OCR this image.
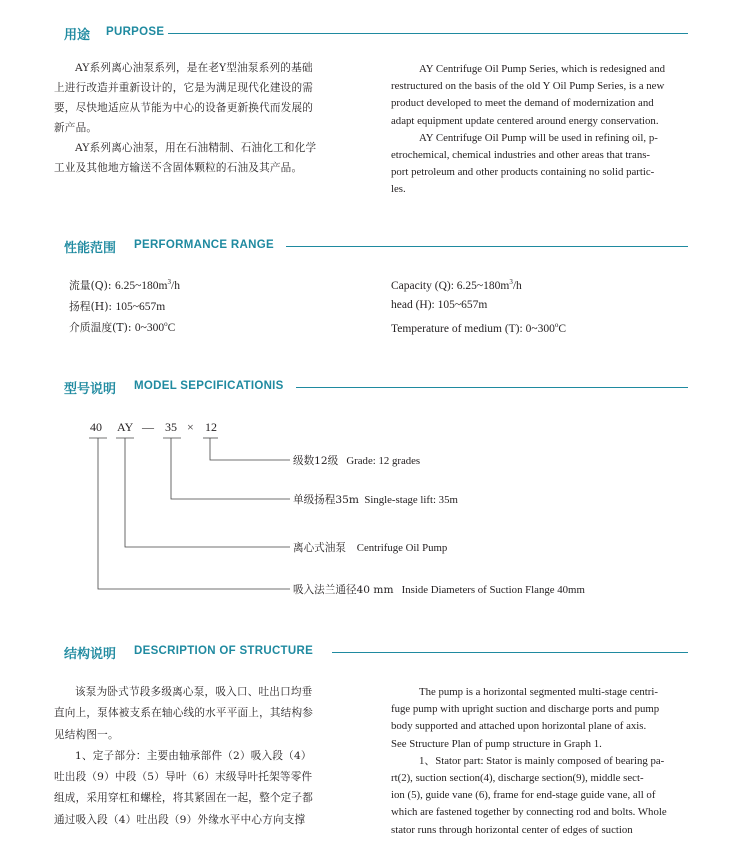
用途 PURPOSE
AY系列离心油泵系列，是在老Y型油泵系列的基础
上进行改造并重新设计的，它是为满足现代化建设的需
要，尽快地适应从节能为中心的设备更新换代而发展的
新产品。
AY系列离心油泵，用在石油精制、石油化工和化学
工业及其他地方输送不含固体颗粒的石油及其产品。
AY Centrifuge Oil Pump Series, which is redesigned and
restructured on the basis of the old Y Oil Pump Series, is a new
product developed to meet the demand of modernization and
adapt equipment update centered around energy conservation.
AY Centrifuge Oil Pump will be used in refining oil, p-
etrochemical, chemical industries and other areas that trans-
port petroleum and other products containing no solid partic-
les.
性能范围 PERFORMANCE RANGE
流量(Q): $6.25\sim 180m^3/h$
扬程(H): 105~657m
介质温度(T): 0~300$^o$C
Capacity (Q): $6.25\sim 180m^3/h$
head (H): 105~657m
Temperature of medium (T): 0~300$^o$C
型号说明 MODEL SEPCIFICATIONIS
40 AY — 35 × 12
级数12级 Grade: 12 grades
单级扬程35m Single-stage lift: 35m
离心式油泵 Centrifuge Oil Pump
吸入法兰通径40 mm Inside Diameters of Suction Flange 40mm
结构说明 DESCRIPTION OF STRUCTURE
该泵为卧式节段多级离心泵，吸入口、吐出口均垂
直向上，泵体被支系在轴心线的水平平面上，其结构参
见结构图一。
1、定子部分：主要由轴承部件（2）吸入段（4）
吐出段（9）中段（5）导叶（6）末级导叶托架等零件
组成，采用穿杠和螺栓，将其紧固在一起，整个定子都
通过吸入段（4）吐出段（9）外缘水平中心方向支撑
The pump is a horizontal segmented multi-stage centri-
fuge pump with upright suction and discharge ports and pump
body supported and attached upon horizontal plane of axis.
See Structure Plan of pump structure in Graph 1.
1、Stator part: Stator is mainly composed of bearing pa-
rt(2), suction section(4), discharge section(9), middle sect-
ion (5), guide vane (6), frame for end-stage guide vane, all of
which are fastened together by connecting rod and bolts. Whole
stator runs through horizontal center of edges of suction
